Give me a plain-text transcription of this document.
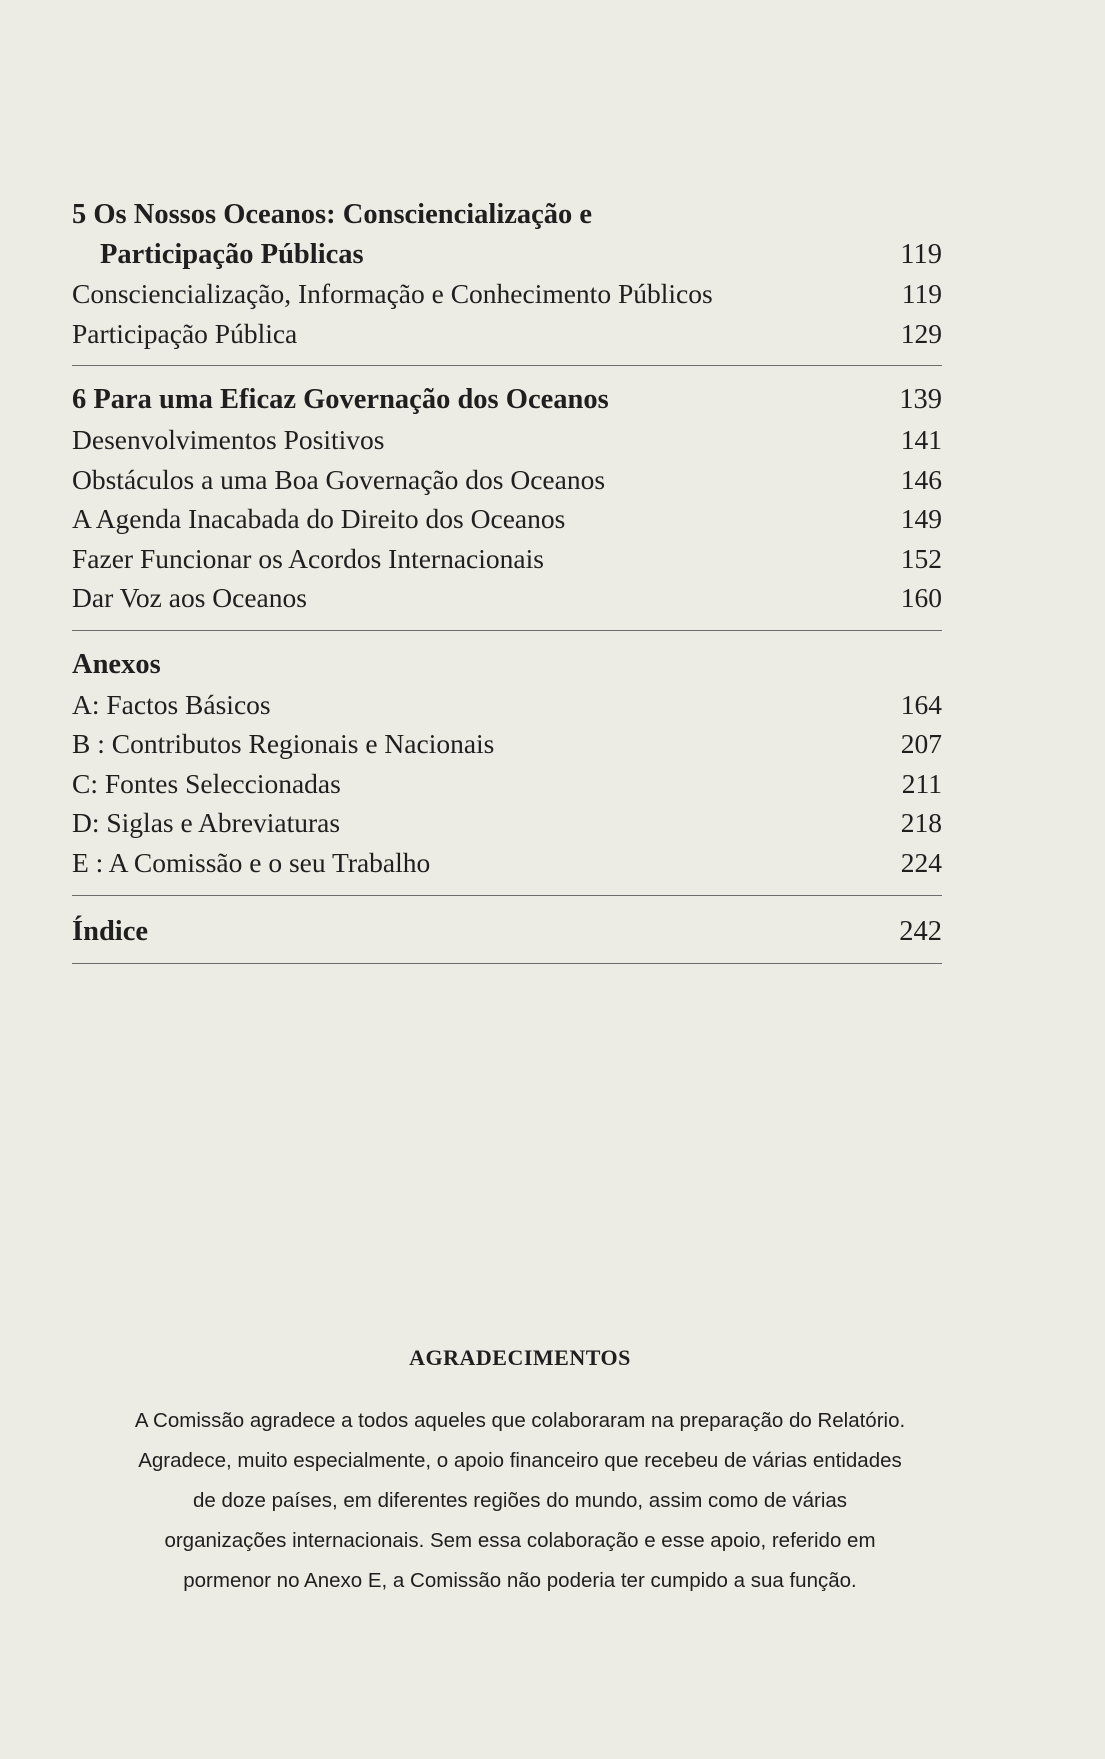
5 Os Nossos Oceanos: Consciencialização e
Participação Públicas	119
Consciencialização, Informação e Conhecimento Públicos	119
Participação Pública	129
6 Para uma Eficaz Governação dos Oceanos	139
Desenvolvimentos Positivos	141
Obstáculos a uma Boa Governação dos Oceanos	146
A Agenda Inacabada do Direito dos Oceanos	149
Fazer Funcionar os Acordos Internacionais	152
Dar Voz aos Oceanos	160
Anexos
A: Factos Básicos	164
B : Contributos Regionais e Nacionais	207
C: Fontes Seleccionadas	211
D: Siglas e Abreviaturas	218
E : A Comissão e o seu Trabalho	224
Índice	242
AGRADECIMENTOS

A Comissão agradece a todos aqueles que colaboraram na preparação do Relatório.

Agradece, muito especialmente, o apoio financeiro que recebeu de várias entidades

de doze países, em diferentes regiões do mundo, assim como de várias

organizações internacionais. Sem essa colaboração e esse apoio, referido em

pormenor no Anexo E, a Comissão não poderia ter cumpido a sua função.
